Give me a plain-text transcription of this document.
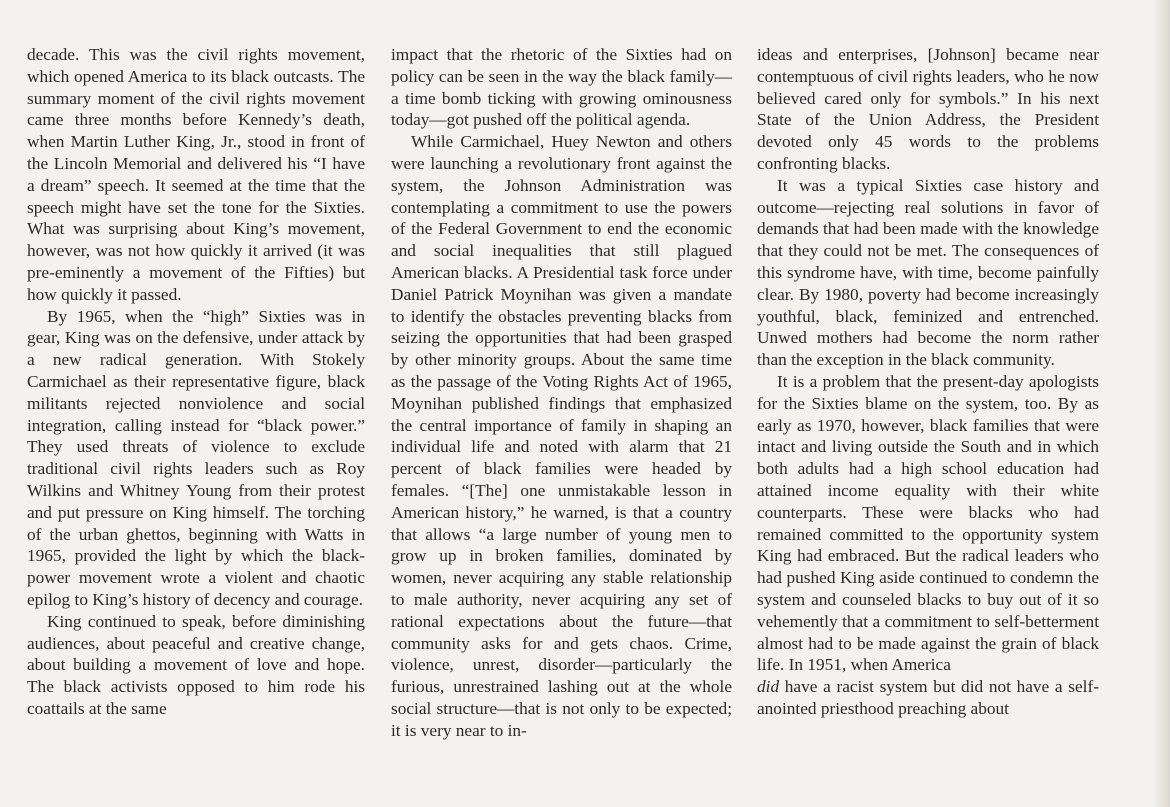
decade. This was the civil rights movement, which opened America to its black outcasts. The summary moment of the civil rights movement came three months before Kennedy’s death, when Martin Luther King, Jr., stood in front of the Lincoln Memorial and delivered his “I have a dream” speech. It seemed at the time that the speech might have set the tone for the Sixties. What was surprising about King’s movement, however, was not how quickly it arrived (it was pre-eminently a movement of the Fifties) but how quickly it passed.

By 1965, when the “high” Sixties was in gear, King was on the defensive, under attack by a new radical generation. With Stokely Carmichael as their representative figure, black militants rejected nonviolence and social integration, calling instead for “black power.” They used threats of violence to exclude traditional civil rights leaders such as Roy Wilkins and Whitney Young from their protest and put pressure on King himself. The torching of the urban ghettos, beginning with Watts in 1965, provided the light by which the black-power movement wrote a violent and chaotic epilog to King’s history of decency and courage.

King continued to speak, before diminishing audiences, about peaceful and creative change, about building a movement of love and hope. The black activists opposed to him rode his coattails at the same

impact that the rhetoric of the Sixties had on policy can be seen in the way the black family—a time bomb ticking with growing ominousness today—got pushed off the political agenda.

While Carmichael, Huey Newton and others were launching a revolutionary front against the system, the Johnson Administration was contemplating a commitment to use the powers of the Federal Government to end the economic and social inequalities that still plagued American blacks. A Presidential task force under Daniel Patrick Moynihan was given a mandate to identify the obstacles preventing blacks from seizing the opportunities that had been grasped by other minority groups. About the same time as the passage of the Voting Rights Act of 1965, Moynihan published findings that emphasized the central importance of family in shaping an individual life and noted with alarm that 21 percent of black families were headed by females. “[The] one unmistakable lesson in American history,” he warned, is that a country that allows “a large number of young men to grow up in broken families, dominated by women, never acquiring any stable relationship to male authority, never acquiring any set of rational expectations about the future—that community asks for and gets chaos. Crime, violence, unrest, disorder—particularly the furious, unrestrained lashing out at the whole social structure—that is not only to be expected; it is very near to in-

ideas and enterprises, [Johnson] became near contemptuous of civil rights leaders, who he now believed cared only for symbols.” In his next State of the Union Address, the President devoted only 45 words to the problems confronting blacks.

It was a typical Sixties case history and outcome—rejecting real solutions in favor of demands that had been made with the knowledge that they could not be met. The consequences of this syndrome have, with time, become painfully clear. By 1980, poverty had become increasingly youthful, black, feminized and entrenched. Unwed mothers had become the norm rather than the exception in the black community.

It is a problem that the present-day apologists for the Sixties blame on the system, too. By as early as 1970, however, black families that were intact and living outside the South and in which both adults had a high school education had attained income equality with their white counterparts. These were blacks who had remained committed to the opportunity system King had embraced. But the radical leaders who had pushed King aside continued to condemn the system and counseled blacks to buy out of it so vehemently that a commitment to self-betterment almost had to be made against the grain of black life. In 1951, when America

did have a racist system but did not have a self-anointed priesthood preaching about
